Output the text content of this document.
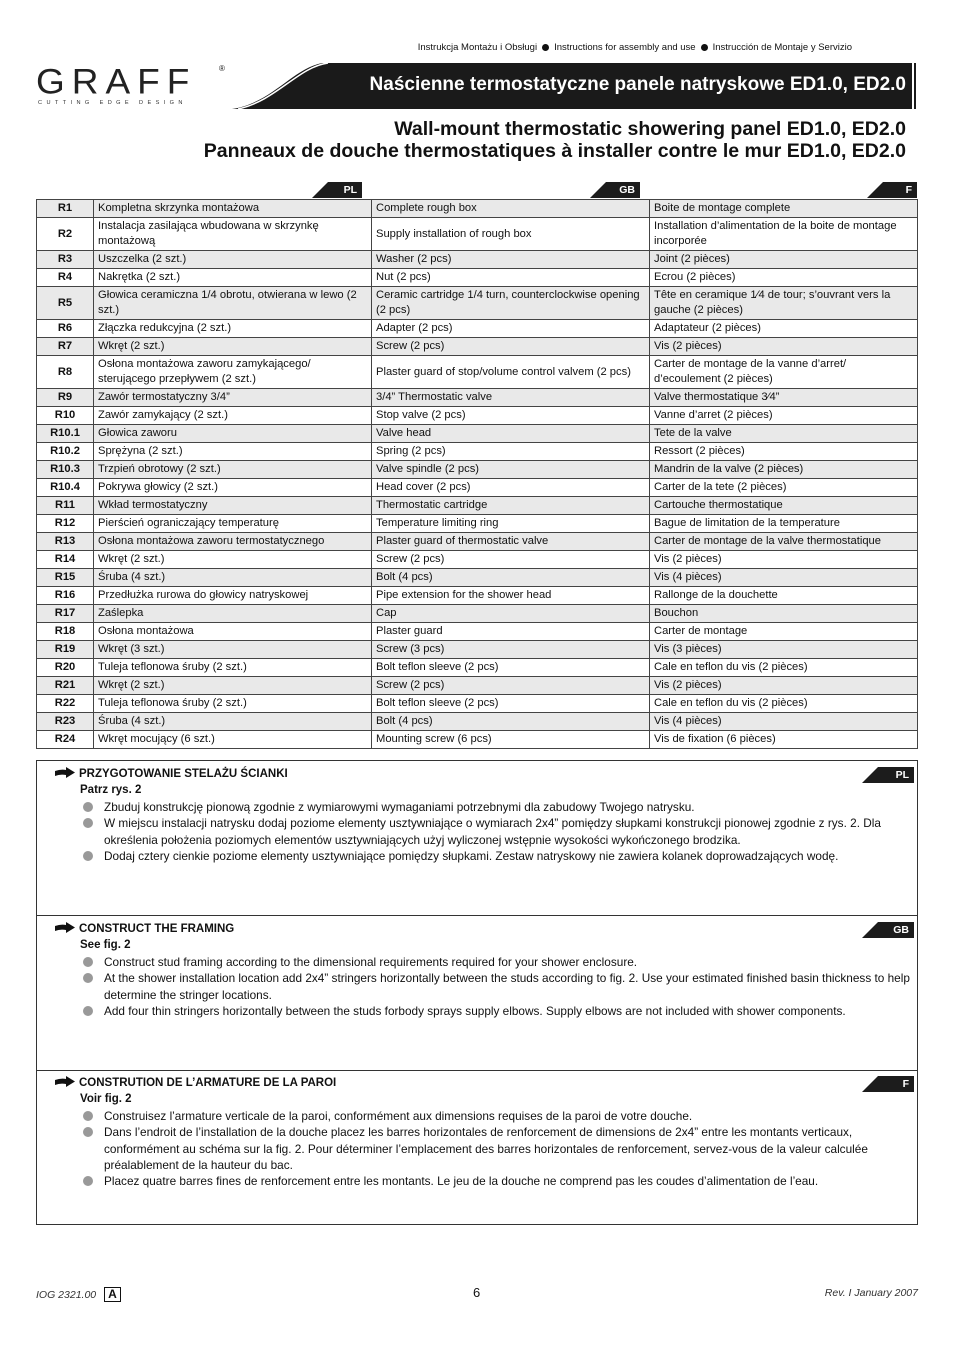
Instrukcja Montażu i Obsługi Instructions for assembly and use Instrucción de Montaje y Servizio
GRAFF	®
CUTTING EDGE DESIGN
Naścienne termostatyczne panele natryskowe ED1.0, ED2.0
Wall-mount thermostatic showering panel ED1.0, ED2.0
Panneaux de douche thermostatiques à installer contre le mur ED1.0, ED2.0
PL	GB	F
R1	Kompletna skrzynka montażowa	Complete rough box	Boite de montage complete
R2	Instalacja zasilająca wbudowana w skrzynkę montażową	Supply installation of rough box	Installation d’alimentation de la boite de montage incorporée
R3	Uszczelka (2 szt.)	Washer (2 pcs)	Joint (2 pièces)
R4	Nakrętka (2 szt.)	Nut (2 pcs)	Ecrou (2 pièces)
R5	Głowica ceramiczna 1/4 obrotu, otwierana w lewo (2 szt.)	Ceramic cartridge 1/4 turn, counterclockwise opening (2 pcs)	Tête en ceramique 1⁄4 de tour; s’ouvrant vers la gauche (2 pièces)
R6	Złączka redukcyjna (2 szt.)	Adapter (2 pcs)	Adaptateur (2 pièces)
R7	Wkręt (2 szt.)	Screw (2 pcs)	Vis (2 pièces)
R8	Osłona montażowa zaworu zamykającego/ sterującego przepływem (2 szt.)	Plaster guard of stop/volume control valvem (2 pcs)	Carter de montage de la vanne d’arret/ d’ecoulement (2 pièces)
R9	Zawór termostatyczny 3/4”	3/4” Thermostatic valve	Valve thermostatique 3⁄4”
R10	Zawór zamykający (2 szt.)	Stop valve (2 pcs)	Vanne d’arret (2 pièces)
R10.1	Głowica zaworu	Valve head	Tete de la valve
R10.2	Sprężyna (2 szt.)	Spring (2 pcs)	Ressort (2 pièces)
R10.3	Trzpień obrotowy (2 szt.)	Valve spindle (2 pcs)	Mandrin de la valve (2 pièces)
R10.4	Pokrywa głowicy (2 szt.)	Head cover (2 pcs)	Carter de la tete (2 pièces)
R11	Wkład termostatyczny	Thermostatic cartridge	Cartouche thermostatique
R12	Pierścień ograniczający temperaturę	Temperature limiting ring	Bague de limitation de la temperature
R13	Osłona montażowa zaworu termostatycznego	Plaster guard of thermostatic valve	Carter de montage de la valve thermostatique
R14	Wkręt (2 szt.)	Screw (2 pcs)	Vis (2 pièces)
R15	Śruba (4 szt.)	Bolt (4 pcs)	Vis (4 pièces)
R16	Przedłużka rurowa do głowicy natryskowej	Pipe extension for the shower head	Rallonge de la douchette
R17	Zaślepka	Cap	Bouchon
R18	Osłona montażowa	Plaster guard	Carter de montage
R19	Wkręt (3 szt.)	Screw (3 pcs)	Vis (3 pièces)
R20	Tuleja teflonowa śruby (2 szt.)	Bolt teflon sleeve (2 pcs)	Cale en teflon du vis (2 pièces)
R21	Wkręt (2 szt.)	Screw (2 pcs)	Vis (2 pièces)
R22	Tuleja teflonowa śruby (2 szt.)	Bolt teflon sleeve (2 pcs)	Cale en teflon du vis (2 pièces)
R23	Śruba (4 szt.)	Bolt (4 pcs)	Vis (4 pièces)
R24	Wkręt mocujący (6 szt.)	Mounting screw (6 pcs)	Vis de fixation (6 pièces)
PRZYGOTOWANIE STELAŻU ŚCIANKI
Patrz rys. 2
PL
Zbuduj konstrukcję pionową zgodnie z wymiarowymi wymaganiami potrzebnymi dla zabudowy Twojego natrysku.
W miejscu instalacji natrysku dodaj poziome elementy usztywniające o wymiarach 2x4” pomiędzy słupkami konstrukcji pionowej zgodnie z rys. 2. Dla określenia położenia poziomych elementów usztywniających użyj wyliczonej wstępnie wysokości wykończonego brodzika.
Dodaj cztery cienkie poziome elementy usztywniające pomiędzy słupkami. Zestaw natryskowy nie zawiera kolanek doprowadzających wodę.
CONSTRUCT THE FRAMING
See fig. 2
GB
Construct stud framing according to the dimensional requirements required for your shower enclosure.
At the shower installation location add 2x4” stringers horizontally between the studs according to fig. 2. Use your estimated finished basin thickness to help determine the stringer locations.
Add four thin stringers horizontally between the studs forbody sprays supply elbows. Supply elbows are not included with shower components.
CONSTRUTION DE L’ARMATURE DE LA PAROI
Voir fig. 2
F
Construisez l’armature verticale de la paroi, conformément aux dimensions requises de la paroi de votre douche.
Dans l’endroit de l’installation de la douche placez les barres horizontales de renforcement de dimensions de 2x4” entre les montants verticaux, conformément au schéma sur la fig. 2. Pour déterminer l’emplacement des barres horizontales de renforcement, servez-vous de la valeur calculée préalablement de la hauteur du bac.
Placez quatre barres fines de renforcement entre les montants. Le jeu de la douche ne comprend pas les coudes d’alimentation de l’eau.
IOG 2321.00 A	6	Rev. I January 2007
